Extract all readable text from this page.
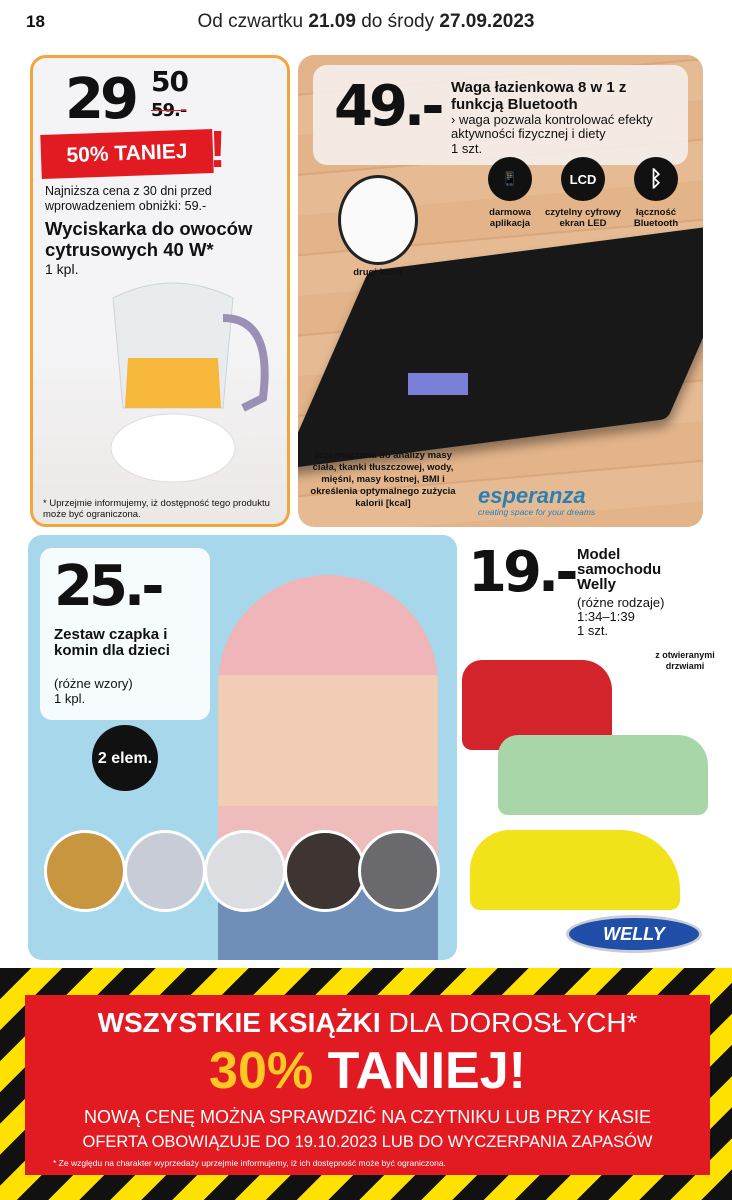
18	Od czwartku 21.09 do środy 27.09.2023
29 50
59.-
50% TANIEJ !
Najniższa cena z 30 dni przed wprowadzeniem obniżki: 59.-
Wyciskarka do owoców cytrusowych 40 W*
1 kpl.
* Uprzejmie informujemy, iż dostępność tego produktu może być ograniczona.
49.- Waga łazienkowa 8 w 1 z funkcją Bluetooth
› waga pozwala kontrolować efekty aktywności fizycznej i diety
1 szt.
📱
darmowa aplikacja
LCD
czytelny cyfrowy ekran LED
ᛒ
łączność Bluetooth
drugi kolor
przeznaczona do analizy masy ciała, tkanki tłuszczowej, wody, mięśni, masy kostnej, BMI i określenia optymalnego zużycia kalorii [kcal]	esperanza
creating space for your dreams
25.-
Zestaw czapka i komin dla dzieci
(różne wzory)
1 kpl.
2 elem.
19.- Model samochodu Welly
(różne rodzaje)
1:34–1:39
1 szt.
z otwieranymi drzwiami
WELLY
WSZYSTKIE KSIĄŻKI DLA DOROSŁYCH*
30% TANIEJ!
NOWĄ CENĘ MOŻNA SPRAWDZIĆ NA CZYTNIKU LUB PRZY KASIE
OFERTA OBOWIĄZUJE DO 19.10.2023 LUB DO WYCZERPANIA ZAPASÓW
* Ze względu na charakter wyprzedaży uprzejmie informujemy, iż ich dostępność może być ograniczona.
